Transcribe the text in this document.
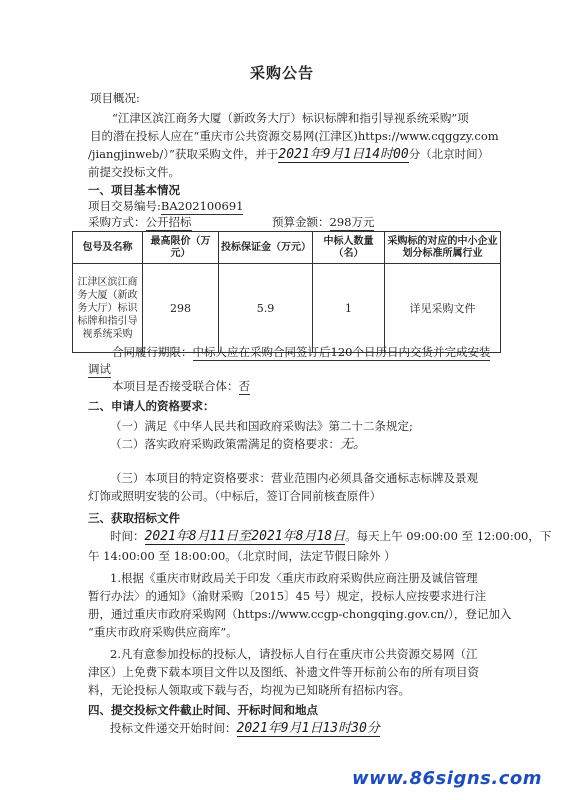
采购公告
项目概况:
“江津区滨江商务大厦（新政务大厅）标识标牌和指引导视系统采购”项
目的潜在投标人应在“重庆市公共资源交易网(江津区)https://www.cqggzy.com
/jiangjinweb/）”获取采购文件，并于2021年9月1日14时00分（北京时间）
前提交投标文件。
一、项目基本情况
项目交易编号:BA202100691
采购方式：公开招标	预算金额：298万元
包号及名称	最高限价（万元）	投标保证金（万元）	中标人数量（名）	采购标的对应的中小企业划分标准所属行业
江津区滨江商务大厦（新政务大厅）标识标牌和指引导视系统采购	298	5.9	1	详见采购文件
合同履行期限：中标人应在采购合同签订后120个日历日内交货并完成安装
调试
本项目是否接受联合体：否
二、申请人的资格要求：
（一）满足《中华人民共和国政府采购法》第二十二条规定;
（二）落实政府采购政策需满足的资格要求：无。
（三）本项目的特定资格要求：营业范围内必须具备交通标志标牌及景观
灯饰或照明安装的公司。（中标后，签订合同前核查原件）
三、获取招标文件
时间：2021年8月11日至2021年8月18日。每天上午 09:00:00 至 12:00:00，下
午 14:00:00 至 18:00:00。（北京时间，法定节假日除外 ）
1.根据《重庆市财政局关于印发〈重庆市政府采购供应商注册及诚信管理
暂行办法〉的通知》（渝财采购〔2015〕45 号）规定，投标人应按要求进行注
册，通过重庆市政府采购网（https://www.ccgp-chongqing.gov.cn/），登记加入
“重庆市政府采购供应商库”。
2.凡有意参加投标的投标人，请投标人自行在重庆市公共资源交易网（江
津区）上免费下载本项目文件以及图纸、补遗文件等开标前公布的所有项目资
料，无论投标人领取或下载与否，均视为已知晓所有招标内容。
四、提交投标文件截止时间、开标时间和地点
投标文件递交开始时间：2021年9月1日13时30分
www.86signs.com
